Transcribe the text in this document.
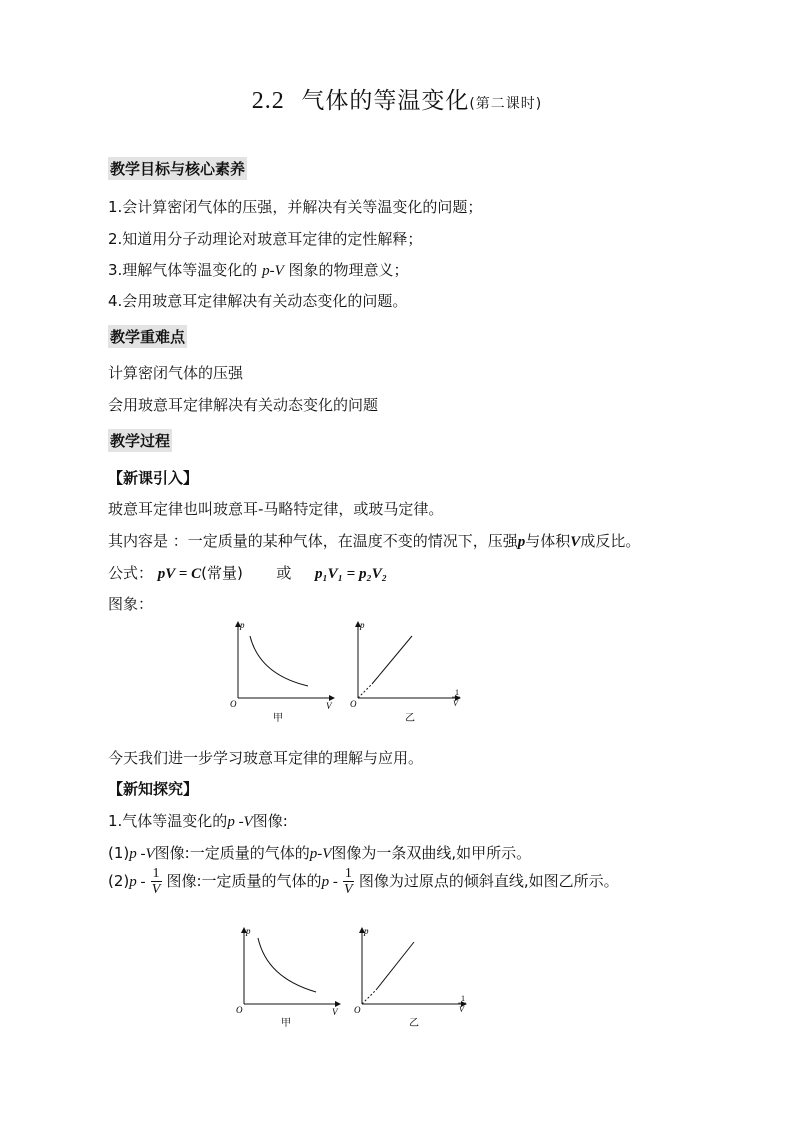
2.2 气体的等温变化(第二课时)
教学目标与核心素养
1.会计算密闭气体的压强，并解决有关等温变化的问题；
2.知道用分子动理论对玻意耳定律的定性解释；
3.理解气体等温变化的 p-V 图象的物理意义；
4.会用玻意耳定律解决有关动态变化的问题。
教学重难点
计算密闭气体的压强
会用玻意耳定律解决有关动态变化的问题
教学过程
【新课引入】
玻意耳定律也叫玻意耳-马略特定律，或玻马定律。
其内容是 ：一定质量的某种气体，在温度不变的情况下，压强p与体积V成反比。
公式： pV = C(常量) 或 p₁V₁ = p₂V₂
图象：
p
V
O
甲
p
1
V
O
乙
今天我们进一步学习玻意耳定律的理解与应用。
【新知探究】
1.气体等温变化的p -V图像:
(1)p -V图像:一定质量的气体的p-V图像为一条双曲线,如甲所示。
$(2)p - \frac{1}{V}$ 图像:一定质量的气体的p - $\frac{1}{V}$ 图像为过原点的倾斜直线,如图乙所示。
p
V
O
甲
p
1
V
O
乙
